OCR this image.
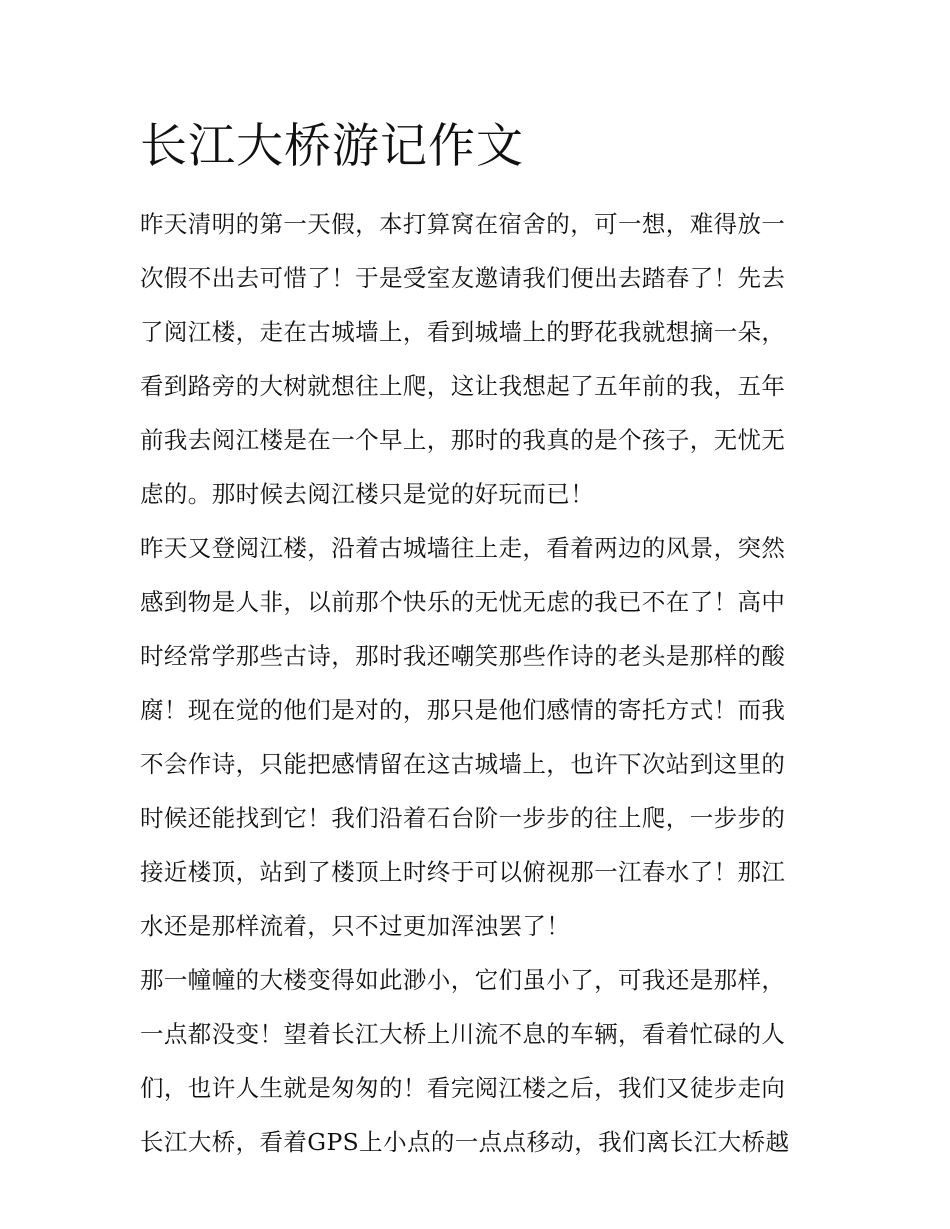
长江大桥游记作文
昨天清明的第一天假，本打算窝在宿舍的，可一想，难得放一
次假不出去可惜了！于是受室友邀请我们便出去踏春了！先去
了阅江楼，走在古城墙上，看到城墙上的野花我就想摘一朵，
看到路旁的大树就想往上爬，这让我想起了五年前的我，五年
前我去阅江楼是在一个早上，那时的我真的是个孩子，无忧无
虑的。那时候去阅江楼只是觉的好玩而已！
昨天又登阅江楼，沿着古城墙往上走，看着两边的风景，突然
感到物是人非，以前那个快乐的无忧无虑的我已不在了！高中
时经常学那些古诗，那时我还嘲笑那些作诗的老头是那样的酸
腐！现在觉的他们是对的，那只是他们感情的寄托方式！而我
不会作诗，只能把感情留在这古城墙上，也许下次站到这里的
时候还能找到它！我们沿着石台阶一步步的往上爬，一步步的
接近楼顶，站到了楼顶上时终于可以俯视那一江春水了！那江
水还是那样流着，只不过更加浑浊罢了！
那一幢幢的大楼变得如此渺小，它们虽小了，可我还是那样，
一点都没变！望着长江大桥上川流不息的车辆，看着忙碌的人
们，也许人生就是匆匆的！看完阅江楼之后，我们又徒步走向
长江大桥，看着GPS上小点的一点点移动，我们离长江大桥越
